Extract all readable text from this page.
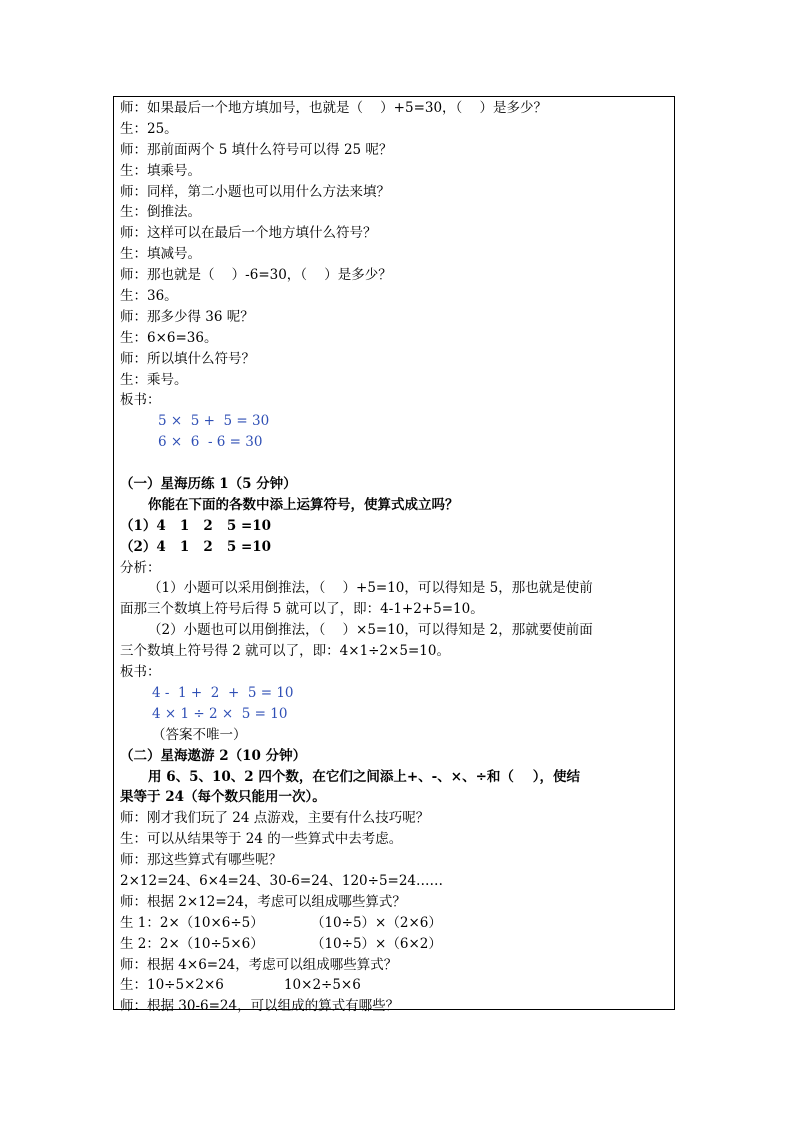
师：如果最后一个地方填加号，也就是（    ）+5=30，（    ）是多少？
生：25。
师：那前面两个 5 填什么符号可以得 25 呢？
生：填乘号。
师：同样，第二小题也可以用什么方法来填？
生：倒推法。
师：这样可以在最后一个地方填什么符号？
生：填减号。
师：那也就是（    ）-6=30，（    ）是多少？
生：36。
师：那多少得 36 呢？
生：6×6=36。
师：所以填什么符号？
生：乘号。
板书：
5 ×  5 +  5 = 30
6 ×  6  - 6 = 30
（一）星海历练 1（5 分钟）
你能在下面的各数中添上运算符号，使算式成立吗？
（1）4   1   2   5 =10
（2）4   1   2   5 =10
分析：
（1）小题可以采用倒推法，（    ）+5=10，可以得知是 5，那也就是使前
面那三个数填上符号后得 5 就可以了，即：4-1+2+5=10。
（2）小题也可以用倒推法，（    ）×5=10，可以得知是 2，那就要使前面
三个数填上符号得 2 就可以了，即：4×1÷2×5=10。
板书：
4 -  1 +  2  +  5 = 10
4 × 1 ÷ 2 ×  5 = 10
（答案不唯一）
（二）星海遨游 2（10 分钟）
用 6、5、10、2 四个数，在它们之间添上+、-、×、÷和（    ），使结
果等于 24（每个数只能用一次）。
师：刚才我们玩了 24 点游戏，主要有什么技巧呢？
生：可以从结果等于 24 的一些算式中去考虑。
师：那这些算式有哪些呢？
2×12=24、6×4=24、30-6=24、120÷5=24……
师：根据 2×12=24，考虑可以组成哪些算式？
生 1：2×（10×6÷5）           （10÷5）×（2×6）
生 2：2×（10÷5×6）           （10÷5）×（6×2）
师：根据 4×6=24，考虑可以组成哪些算式？
生：10÷5×2×6              10×2÷5×6
师：根据 30-6=24，可以组成的算式有哪些？
